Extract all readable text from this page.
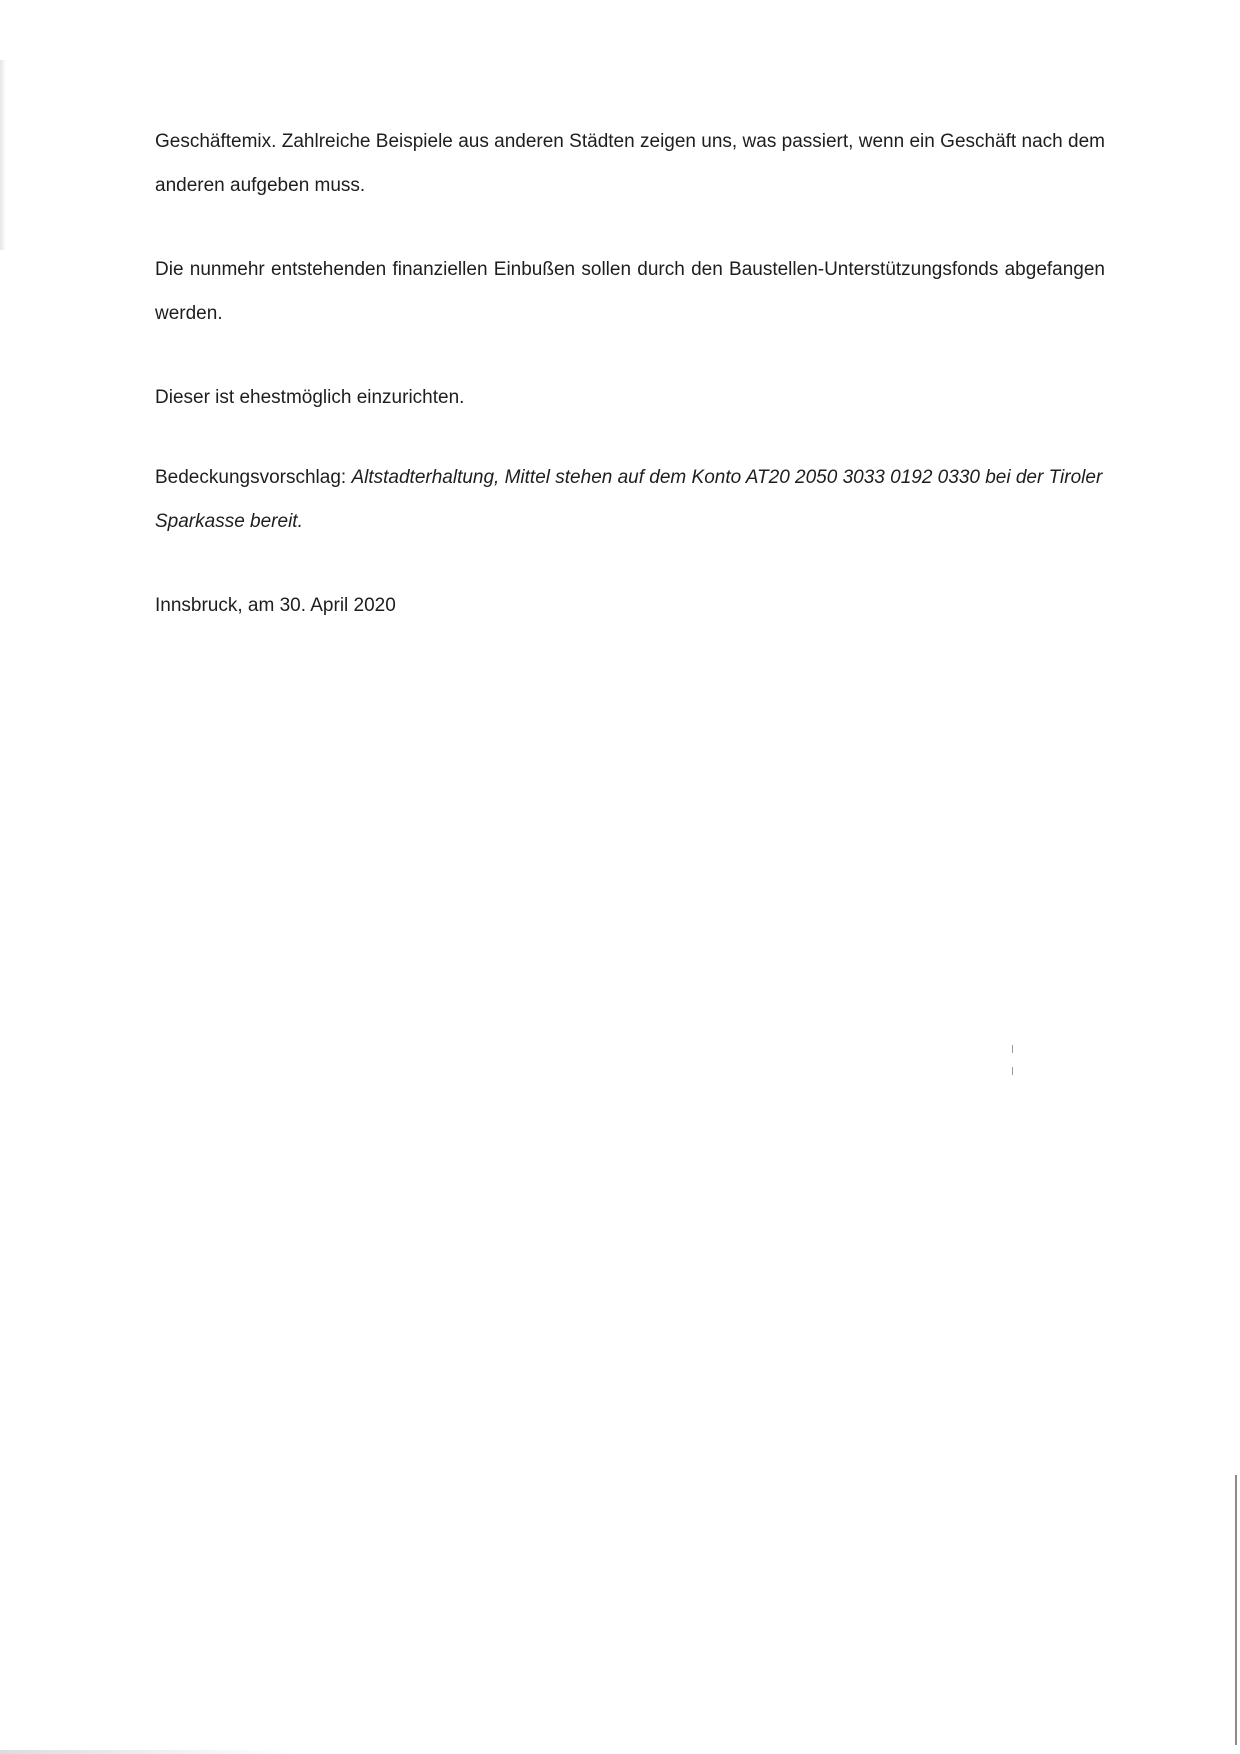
Geschäftemix. Zahlreiche Beispiele aus anderen Städten zeigen uns, was passiert, wenn ein Geschäft nach dem anderen aufgeben muss.

Die nunmehr entstehenden finanziellen Einbußen sollen durch den Baustellen-Unterstützungsfonds abgefangen werden.

Dieser ist ehestmöglich einzurichten.

Bedeckungsvorschlag: Altstadterhaltung, Mittel stehen auf dem Konto AT20 2050 3033 0192 0330 bei der Tiroler Sparkasse bereit.

Innsbruck, am 30. April 2020
